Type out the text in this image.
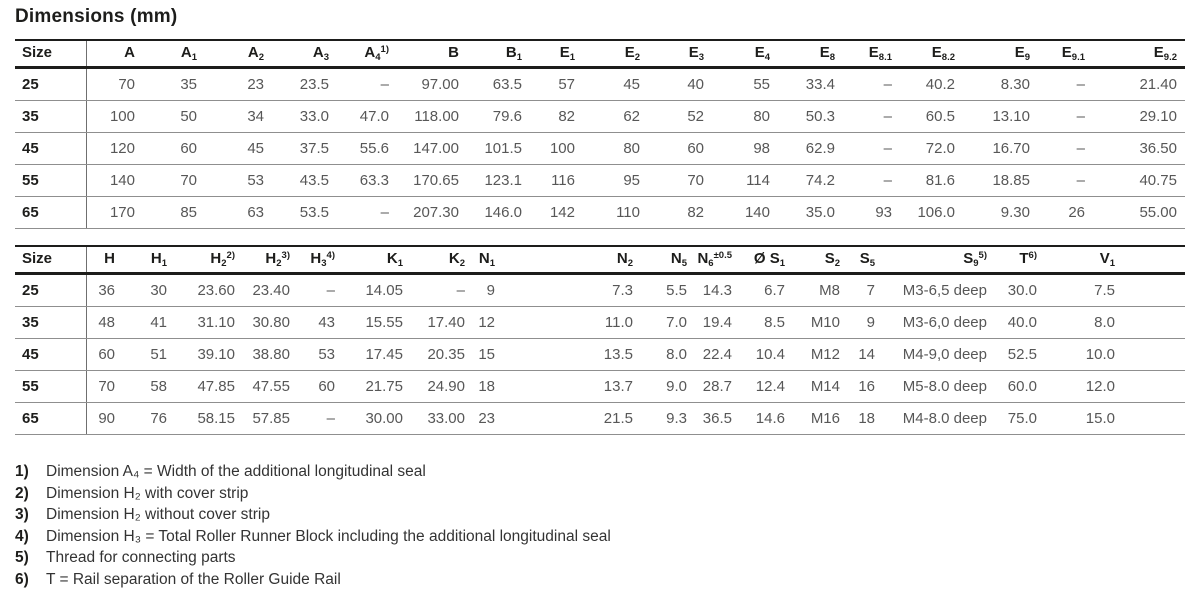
Dimensions (mm)
Size	A	$A_1$	$A_2$	$A_3$	$A_4^{1)}$	B	$B_1$	$E_1$	$E_2$	$E_3$	$E_4$	$E_8$	$E_{8.1}$	$E_{8.2}$	$E_9$	$E_{9.1}$	$E_{9.2}$
25	70	35	23	23.5	–	97.00	63.5	57	45	40	55	33.4	–	40.2	8.30	–	21.40
35	100	50	34	33.0	47.0	118.00	79.6	82	62	52	80	50.3	–	60.5	13.10	–	29.10
45	120	60	45	37.5	55.6	147.00	101.5	100	80	60	98	62.9	–	72.0	16.70	–	36.50
55	140	70	53	43.5	63.3	170.65	123.1	116	95	70	114	74.2	–	81.6	18.85	–	40.75
65	170	85	63	53.5	–	207.30	146.0	142	110	82	140	35.0	93	106.0	9.30	26	55.00
Size	H	$H_1$	$H_2^{2)}$	$H_2^{3)}$	$H_3^{4)}$	$K_1$	$K_2$	$N_1$	$N_2$	$N_5$	$N_6^{\pm 0.5}$	Ø $S_1$	$S_2$	$S_5$	$S_9^{5)}$	$T^{6)}$	$V_1$
25	36	30	23.60	23.40	–	14.05	–	9	7.3	5.5	14.3	6.7	M8	7	M3-6,5 deep	30.0	7.5
35	48	41	31.10	30.80	43	15.55	17.40	12	11.0	7.0	19.4	8.5	M10	9	M3-6,0 deep	40.0	8.0
45	60	51	39.10	38.80	53	17.45	20.35	15	13.5	8.0	22.4	10.4	M12	14	M4-9,0 deep	52.5	10.0
55	70	58	47.85	47.55	60	21.75	24.90	18	13.7	9.0	28.7	12.4	M14	16	M5-8.0 deep	60.0	12.0
65	90	76	58.15	57.85	–	30.00	33.00	23	21.5	9.3	36.5	14.6	M16	18	M4-8.0 deep	75.0	15.0
1)	Dimension A₄ = Width of the additional longitudinal seal
2)	Dimension H₂ with cover strip
3)	Dimension H₂ without cover strip
4)	Dimension H₃ = Total Roller Runner Block including the additional longitudinal seal
5)	Thread for connecting parts
6)	T = Rail separation of the Roller Guide Rail
